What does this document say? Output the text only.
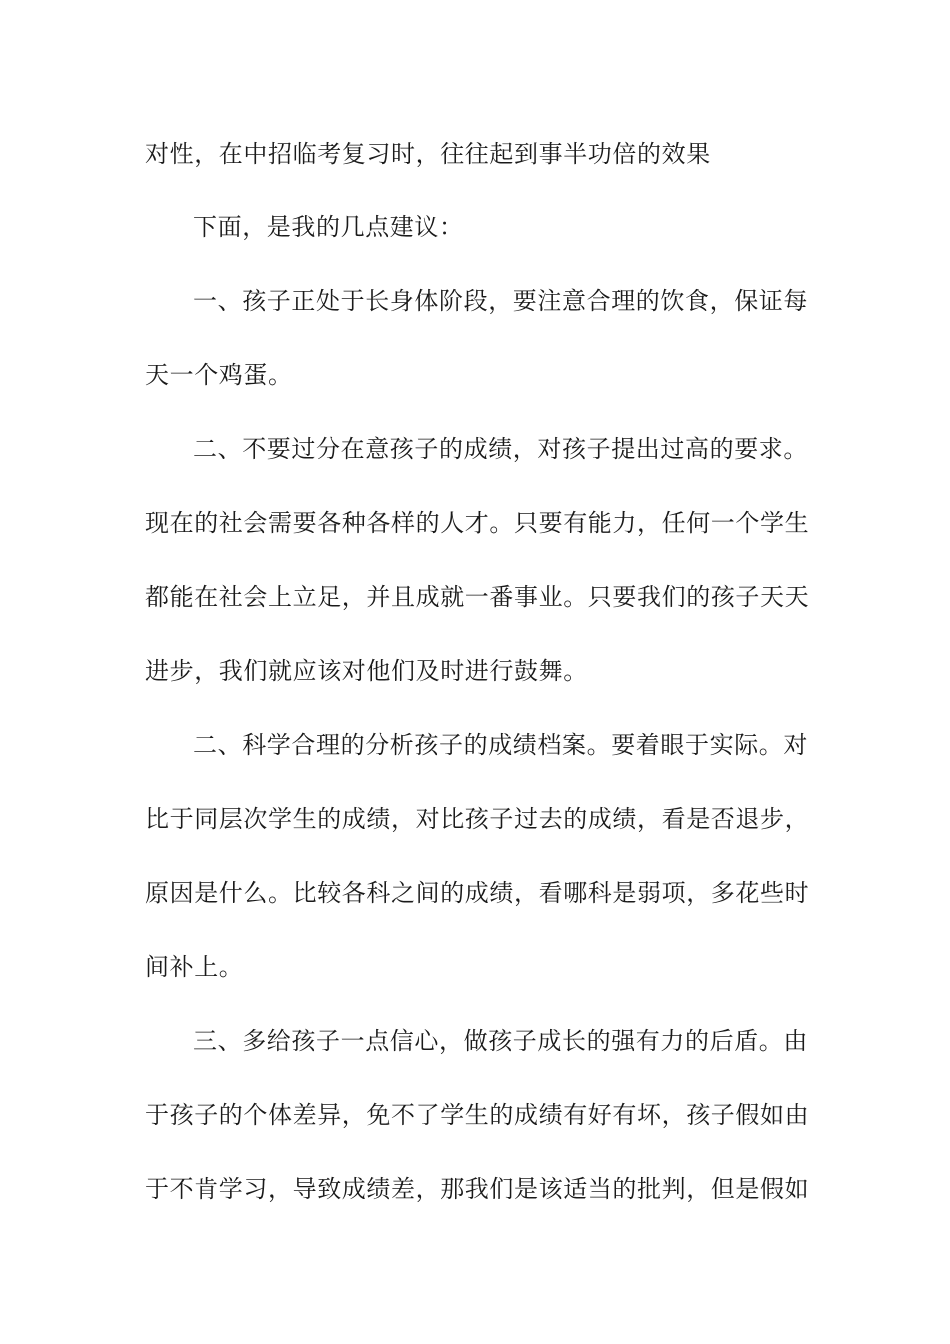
对性，在中招临考复习时，往往起到事半功倍的效果
下面，是我的几点建议：
一、孩子正处于长身体阶段，要注意合理的饮食，保证每
天一个鸡蛋。
二、不要过分在意孩子的成绩，对孩子提出过高的要求。
现在的社会需要各种各样的人才。只要有能力，任何一个学生
都能在社会上立足，并且成就一番事业。只要我们的孩子天天
进步，我们就应该对他们及时进行鼓舞。
二、科学合理的分析孩子的成绩档案。要着眼于实际。对
比于同层次学生的成绩，对比孩子过去的成绩，看是否退步，
原因是什么。比较各科之间的成绩，看哪科是弱项，多花些时
间补上。
三、多给孩子一点信心，做孩子成长的强有力的后盾。由
于孩子的个体差异，免不了学生的成绩有好有坏，孩子假如由
于不肯学习，导致成绩差，那我们是该适当的批判，但是假如
